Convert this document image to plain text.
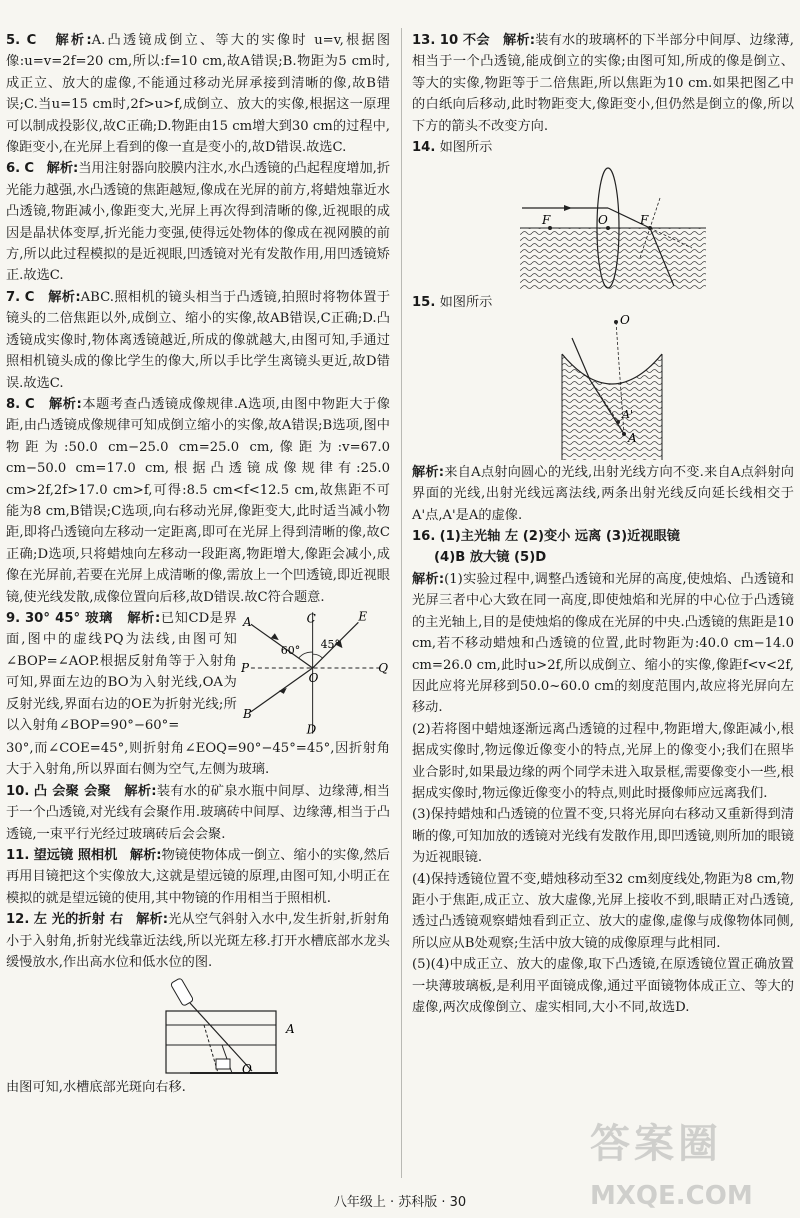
5. C 解析:A.凸透镜成倒立、等大的实像时 u=v,根据图像:u=v=2f=20 cm,所以:f=10 cm,故A错误;B.物距为5 cm时,成正立、放大的虚像,不能通过移动光屏承接到清晰的像,故B错误;C.当u=15 cm时,2f>u>f,成倒立、放大的实像,根据这一原理可以制成投影仪,故C正确;D.物距由15 cm增大到30 cm的过程中,像距变小,在光屏上看到的像一直是变小的,故D错误.故选C.
6. C 解析:当用注射器向胶膜内注水,水凸透镜的凸起程度增加,折光能力越强,水凸透镜的焦距越短,像成在光屏的前方,将蜡烛靠近水凸透镜,物距减小,像距变大,光屏上再次得到清晰的像,近视眼的成因是晶状体变厚,折光能力变强,使得远处物体的像成在视网膜的前方,所以此过程模拟的是近视眼,凹透镜对光有发散作用,用凹透镜矫正.故选C.
7. C 解析:ABC.照相机的镜头相当于凸透镜,拍照时将物体置于镜头的二倍焦距以外,成倒立、缩小的实像,故AB错误,C正确;D.凸透镜成实像时,物体离透镜越近,所成的像就越大,由图可知,手通过照相机镜头成的像比学生的像大,所以手比学生离镜头更近,故D错误.故选C.
8. C 解析:本题考查凸透镜成像规律.A选项,由图中物距大于像距,由凸透镜成像规律可知成倒立缩小的实像,故A错误;B选项,图中物距为:50.0 cm−25.0 cm=25.0 cm,像距为:v=67.0 cm−50.0 cm=17.0 cm,根据凸透镜成像规律有:25.0 cm>2f,2f>17.0 cm>f,可得:8.5 cm<f<12.5 cm,故焦距不可能为8 cm,B错误;C选项,向右移动光屏,像距变大,此时适当减小物距,即将凸透镜向左移动一定距离,即可在光屏上得到清晰的像,故C正确;D选项,只将蜡烛向左移动一段距离,物距增大,像距会减小,成像在光屏前,若要在光屏上成清晰的像,需放上一个凹透镜,即近视眼镜,使光线发散,成像位置向后移,故D错误.故C符合题意.
9. 30° 45° 玻璃 解析:已知CD是界面,图中的虚线PQ为法线,由图可知∠BOP=∠AOP.根据反射角等于入射角可知,界面左边的BO为入射光线,OA为反射光线,界面右边的OE为折射光线;所以入射角∠BOP=90°−60°=
C
D
P	Q
A
B
E
O
60° 45°
30°,而∠COE=45°,则折射角∠EOQ=90°−45°=45°,因折射角大于入射角,所以界面右侧为空气,左侧为玻璃.
10. 凸 会聚 会聚 解析:装有水的矿泉水瓶中间厚、边缘薄,相当于一个凸透镜,对光线有会聚作用.玻璃砖中间厚、边缘薄,相当于凸透镜,一束平行光经过玻璃砖后会会聚.
11. 望远镜 照相机 解析:物镜使物体成一倒立、缩小的实像,然后再用目镜把这个实像放大,这就是望远镜的原理,由图可知,小明正在模拟的就是望远镜的使用,其中物镜的作用相当于照相机.
12. 左 光的折射 右 解析:光从空气斜射入水中,发生折射,折射角小于入射角,折射光线靠近法线,所以光斑左移.打开水槽底部水龙头缓慢放水,作出高水位和低水位的图.
A
O
由图可知,水槽底部光斑向右移.
13. 10 不会 解析:装有水的玻璃杯的下半部分中间厚、边缘薄,相当于一个凸透镜,能成倒立的实像;由图可知,所成的像是倒立、等大的实像,物距等于二倍焦距,所以焦距为10 cm.如果把图乙中的白纸向后移动,此时物距变大,像距变小,但仍然是倒立的像,所以下方的箭头不改变方向.
14. 如图所示
F	O	F
15. 如图所示
O
A'
A
解析:来自A点射向圆心的光线,出射光线方向不变.来自A点斜射向界面的光线,出射光线远离法线,两条出射光线反向延长线相交于A'点,A'是A的虚像.
16. (1)主光轴 左 (2)变小 远离 (3)近视眼镜
(4)B 放大镜 (5)D
解析:(1)实验过程中,调整凸透镜和光屏的高度,使烛焰、凸透镜和光屏三者中心大致在同一高度,即使烛焰和光屏的中心位于凸透镜的主光轴上,目的是使烛焰的像成在光屏的中央.凸透镜的焦距是10 cm,若不移动蜡烛和凸透镜的位置,此时物距为:40.0 cm−14.0 cm=26.0 cm,此时u>2f,所以成倒立、缩小的实像,像距f<v<2f,因此应将光屏移到50.0~60.0 cm的刻度范围内,故应将光屏向左移动.
(2)若将图中蜡烛逐渐远离凸透镜的过程中,物距增大,像距减小,根据成实像时,物远像近像变小的特点,光屏上的像变小;我们在照毕业合影时,如果最边缘的两个同学未进入取景框,需要像变小一些,根据成实像时,物远像近像变小的特点,则此时摄像师应远离我们.
(3)保持蜡烛和凸透镜的位置不变,只将光屏向右移动又重新得到清晰的像,可知加放的透镜对光线有发散作用,即凹透镜,则所加的眼镜为近视眼镜.
(4)保持透镜位置不变,蜡烛移动至32 cm刻度线处,物距为8 cm,物距小于焦距,成正立、放大虚像,光屏上接收不到,眼睛正对凸透镜,透过凸透镜观察蜡烛看到正立、放大的虚像,虚像与成像物体同侧,所以应从B处观察;生活中放大镜的成像原理与此相同.
(5)(4)中成正立、放大的虚像,取下凸透镜,在原透镜位置正确放置一块薄玻璃板,是利用平面镜成像,通过平面镜物体成正立、等大的虚像,两次成像倒立、虚实相同,大小不同,故选D.
答案圈
MXQE.COM
八年级上 · 苏科版 · 30
